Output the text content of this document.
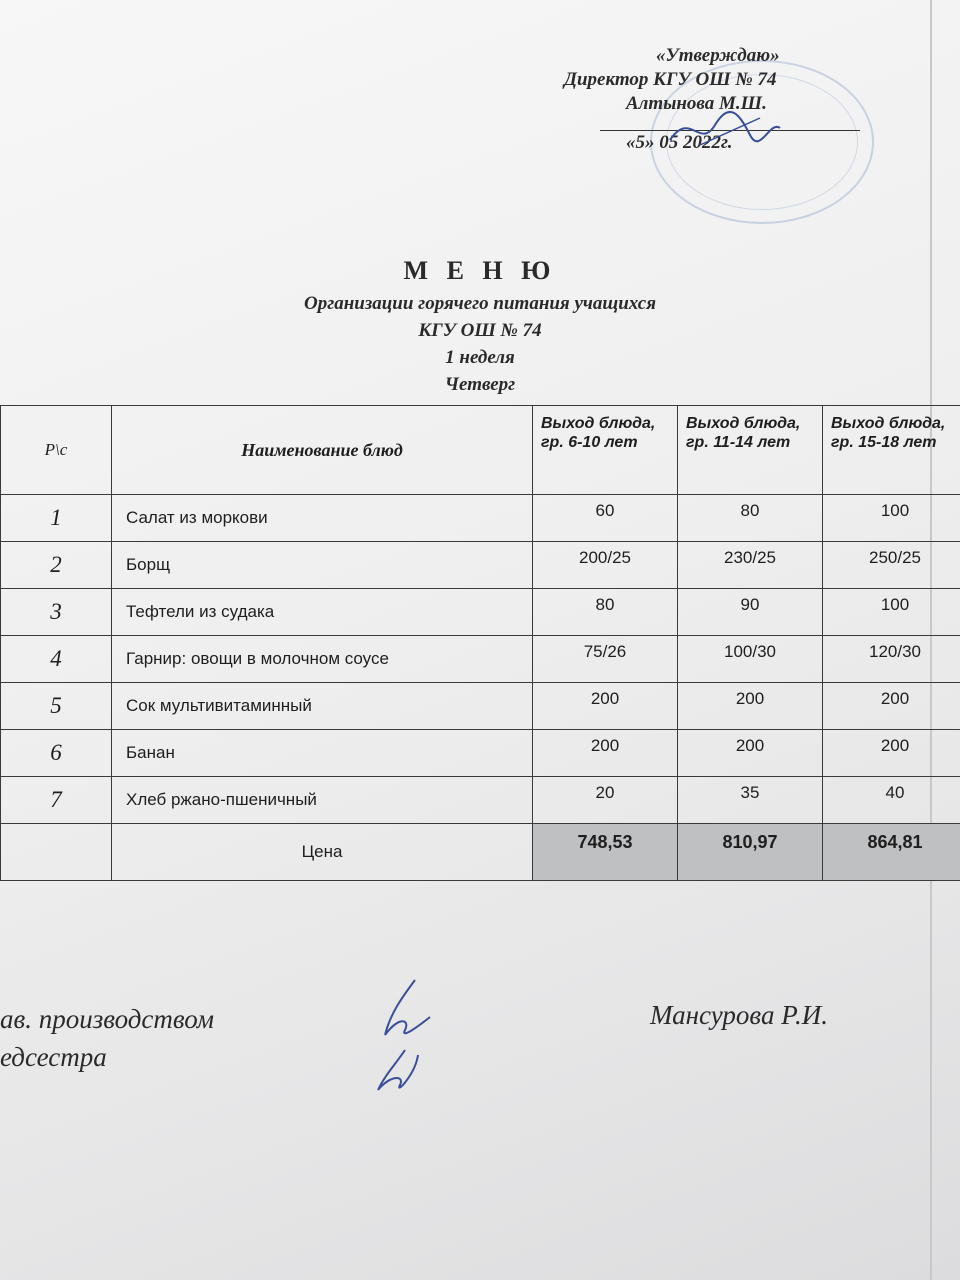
«Утверждаю»
Директор КГУ ОШ № 74
Алтынова М.Ш.
«5» 05 2022г.
М Е Н Ю
Организации горячего питания учащихся
КГУ ОШ № 74
1 неделя
Четверг
Р\с	Наименование блюд	Выход блюда, гр. 6-10 лет	Выход блюда, гр. 11-14 лет	Выход блюда, гр. 15-18 лет
1	Салат из моркови	60	80	100
2	Борщ	200/25	230/25	250/25
3	Тефтели из судака	80	90	100
4	Гарнир: овощи в молочном соусе	75/26	100/30	120/30
5	Сок мультивитаминный	200	200	200
6	Банан	200	200	200
7	Хлеб ржано-пшеничный	20	35	40
	Цена	748,53	810,97	864,81
ав. производством
едсестра
Мансурова Р.И.
